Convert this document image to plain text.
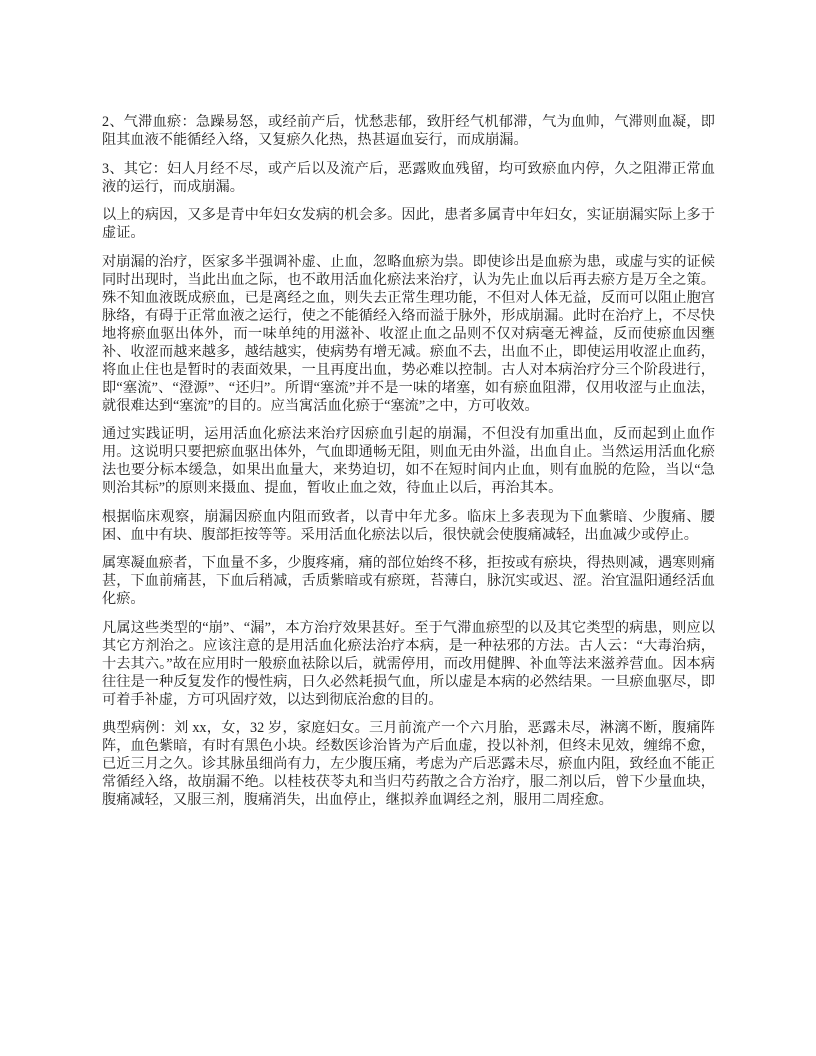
2、气滞血瘀：急躁易怒，或经前产后，忧愁悲郁，致肝经气机郁滞，气为血帅，气滞则血凝，即阻其血液不能循经入络，又复瘀久化热，热甚逼血妄行，而成崩漏。

3、其它：妇人月经不尽，或产后以及流产后，恶露败血残留，均可致瘀血内停，久之阻滞正常血液的运行，而成崩漏。

以上的病因，又多是青中年妇女发病的机会多。因此，患者多属青中年妇女，实证崩漏实际上多于虚证。

对崩漏的治疗，医家多半强调补虚、止血，忽略血瘀为祟。即使诊出是血瘀为患，或虚与实的证候同时出现时，当此出血之际，也不敢用活血化瘀法来治疗，认为先止血以后再去瘀方是万全之策。殊不知血液既成瘀血，已是离经之血，则失去正常生理功能，不但对人体无益，反而可以阻止胞宫脉络，有碍于正常血液之运行，使之不能循经入络而溢于脉外，形成崩漏。此时在治疗上，不尽快地将瘀血驱出体外，而一味单纯的用滋补、收涩止血之品则不仅对病毫无裨益，反而使瘀血因壅补、收涩而越来越多，越结越实，使病势有增无减。瘀血不去，出血不止，即使运用收涩止血药，将血止住也是暂时的表面效果，一且再度出血，势必难以控制。古人对本病治疗分三个阶段进行，即“塞流”、“澄源”、“还归”。所谓“塞流”并不是一味的堵塞，如有瘀血阻滞，仅用收涩与止血法，就很难达到“塞流”的目的。应当寓活血化瘀于“塞流”之中，方可收效。

通过实践证明，运用活血化瘀法来治疗因瘀血引起的崩漏，不但没有加重出血，反而起到止血作用。这说明只要把瘀血驱出体外，气血即通畅无阻，则血无由外溢，出血自止。当然运用活血化瘀法也要分标本缓急，如果出血量大，来势迫切，如不在短时间内止血，则有血脱的危险，当以“急则治其标”的原则来摄血、提血，暂收止血之效，待血止以后，再治其本。

根据临床观察，崩漏因瘀血内阻而致者，以青中年尤多。临床上多表现为下血紫暗、少腹痛、腰困、血中有块、腹部拒按等等。采用活血化瘀法以后，很快就会使腹痛减轻，出血减少或停止。

属寒凝血瘀者，下血量不多，少腹疼痛，痛的部位始终不移，拒按或有瘀块，得热则减，遇寒则痛甚，下血前痛甚，下血后稍减，舌质紫暗或有瘀斑，苔薄白，脉沉实或迟、涩。治宜温阳通经活血化瘀。

凡属这些类型的“崩”、“漏”，本方治疗效果甚好。至于气滞血瘀型的以及其它类型的病患，则应以其它方剂治之。应该注意的是用活血化瘀法治疗本病，是一种祛邪的方法。古人云：“大毒治病，十去其六。”故在应用时一般瘀血祛除以后，就需停用，而改用健脾、补血等法来滋养营血。因本病往往是一种反复发作的慢性病，日久必然耗损气血，所以虚是本病的必然结果。一旦瘀血驱尽，即可着手补虚，方可巩固疗效，以达到彻底治愈的目的。

典型病例：刘 xx，女，32 岁，家庭妇女。三月前流产一个六月胎，恶露未尽，淋漓不断，腹痛阵阵，血色紫暗，有时有黑色小块。经数医诊治皆为产后血虚，投以补剂，但终未见效，缠绵不愈，已近三月之久。诊其脉虽细尚有力，左少腹压痛，考虑为产后恶露未尽，瘀血内阻，致经血不能正常循经入络，故崩漏不绝。以桂枝茯苓丸和当归芍药散之合方治疗，服二剂以后，曾下少量血块，腹痛减轻，又服三剂，腹痛消失，出血停止，继拟养血调经之剂，服用二周痊愈。
